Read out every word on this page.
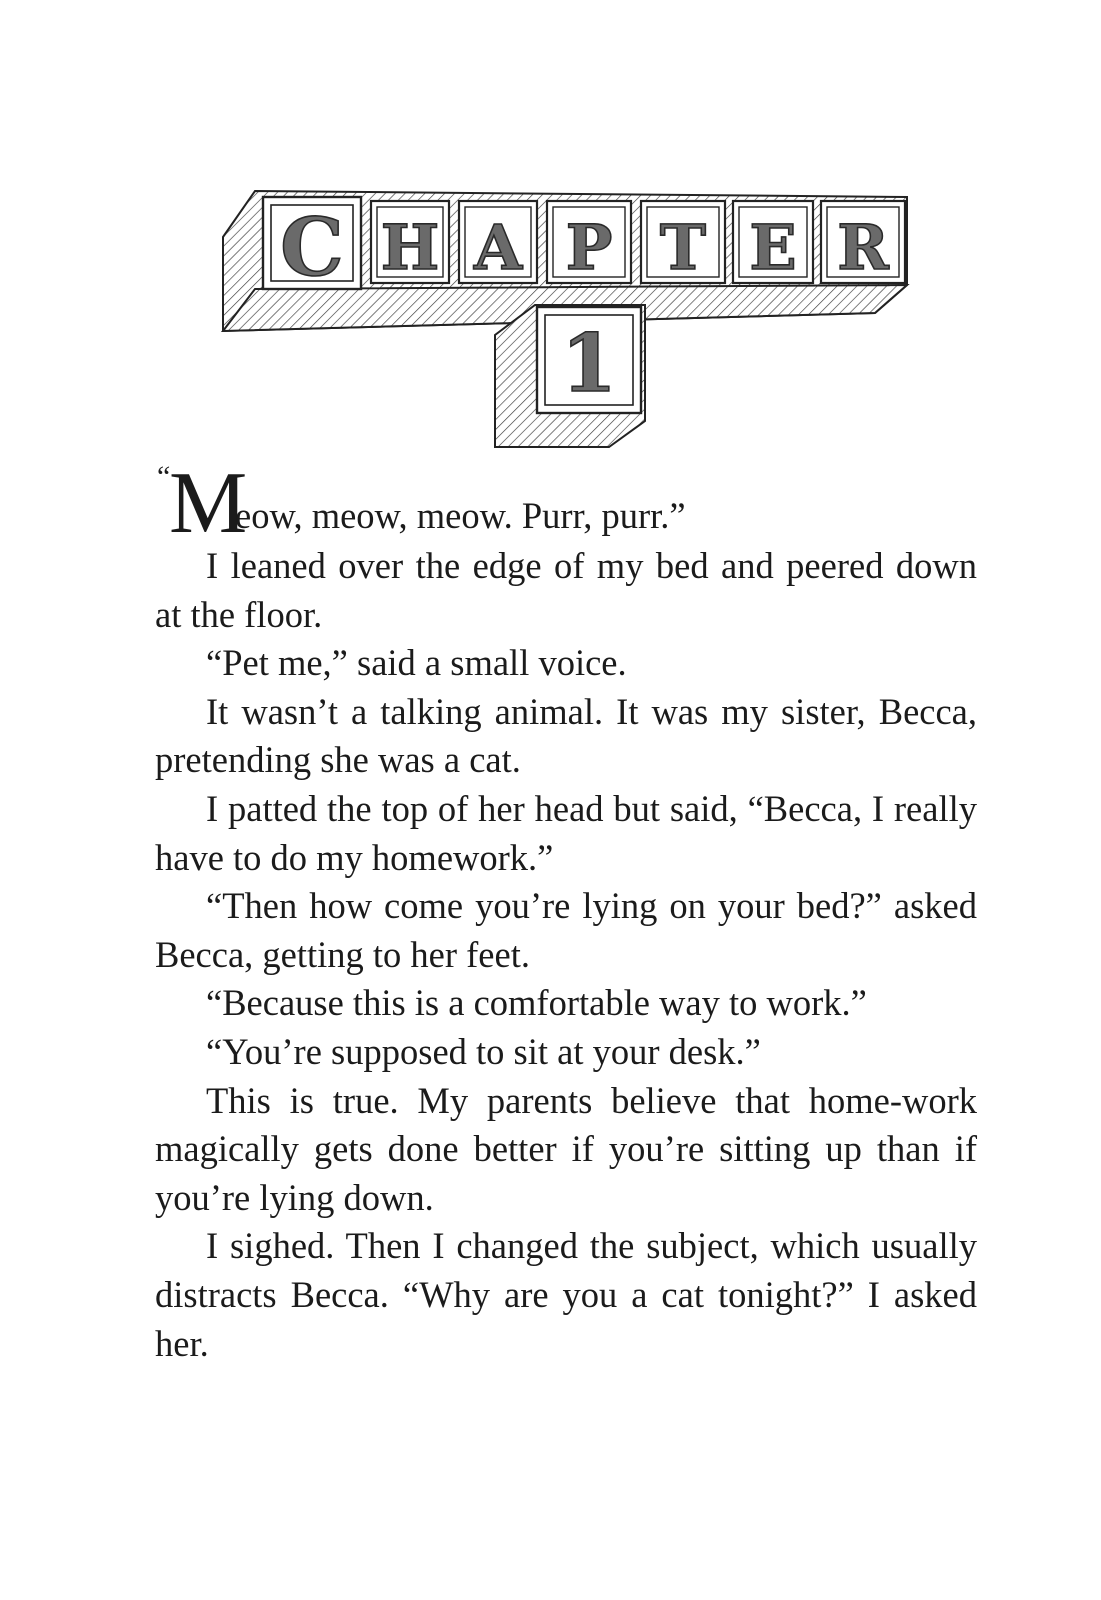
C H A P T E R
1
“
M
eow, meow, meow. Purr, purr.”

I leaned over the edge of my bed and peered down at the floor.

“Pet me,” said a small voice.

It wasn’t a talking animal. It was my sister, Becca, pretending she was a cat.

I patted the top of her head but said, “Becca, I really have to do my homework.”

“Then how come you’re lying on your bed?” asked Becca, getting to her feet.

“Because this is a comfortable way to work.”

“You’re supposed to sit at your desk.”

This is true. My parents believe that home-work magically gets done better if you’re sitting up than if you’re lying down.

I sighed. Then I changed the subject, which usually distracts Becca. “Why are you a cat tonight?” I asked her.
